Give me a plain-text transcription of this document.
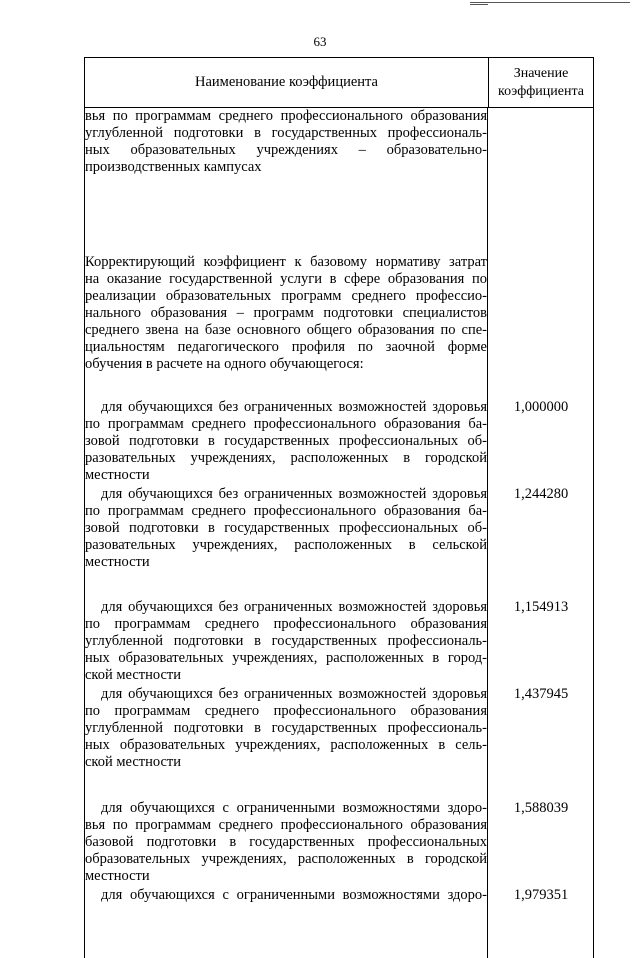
63
Наименование коэффициента
Значение
коэффициента
вья по программам среднего профессионального образования
углубленной подготовки в государственных профессиональ-
ных образовательных учреждениях – образовательно-
производственных кампусах
Корректирующий коэффициент к базовому нормативу затрат
на оказание государственной услуги в сфере образования по
реализации образовательных программ среднего профессио-
нального образования – программ подготовки специалистов
среднего звена на базе основного общего образования по спе-
циальностям педагогического профиля по заочной форме
обучения в расчете на одного обучающегося:
для обучающихся без ограниченных возможностей здоровья
по программам среднего профессионального образования ба-
зовой подготовки в государственных профессиональных об-
разовательных учреждениях, расположенных в городской
местности
1,000000
для обучающихся без ограниченных возможностей здоровья
по программам среднего профессионального образования ба-
зовой подготовки в государственных профессиональных об-
разовательных учреждениях, расположенных в сельской
местности
1,244280
для обучающихся без ограниченных возможностей здоровья
по программам среднего профессионального образования
углубленной подготовки в государственных профессиональ-
ных образовательных учреждениях, расположенных в город-
ской местности
1,154913
для обучающихся без ограниченных возможностей здоровья
по программам среднего профессионального образования
углубленной подготовки в государственных профессиональ-
ных образовательных учреждениях, расположенных в сель-
ской местности
1,437945
для обучающихся с ограниченными возможностями здоро-
вья по программам среднего профессионального образования
базовой подготовки в государственных профессиональных
образовательных учреждениях, расположенных в городской
местности
1,588039
для обучающихся с ограниченными возможностями здоро-	1,979351
